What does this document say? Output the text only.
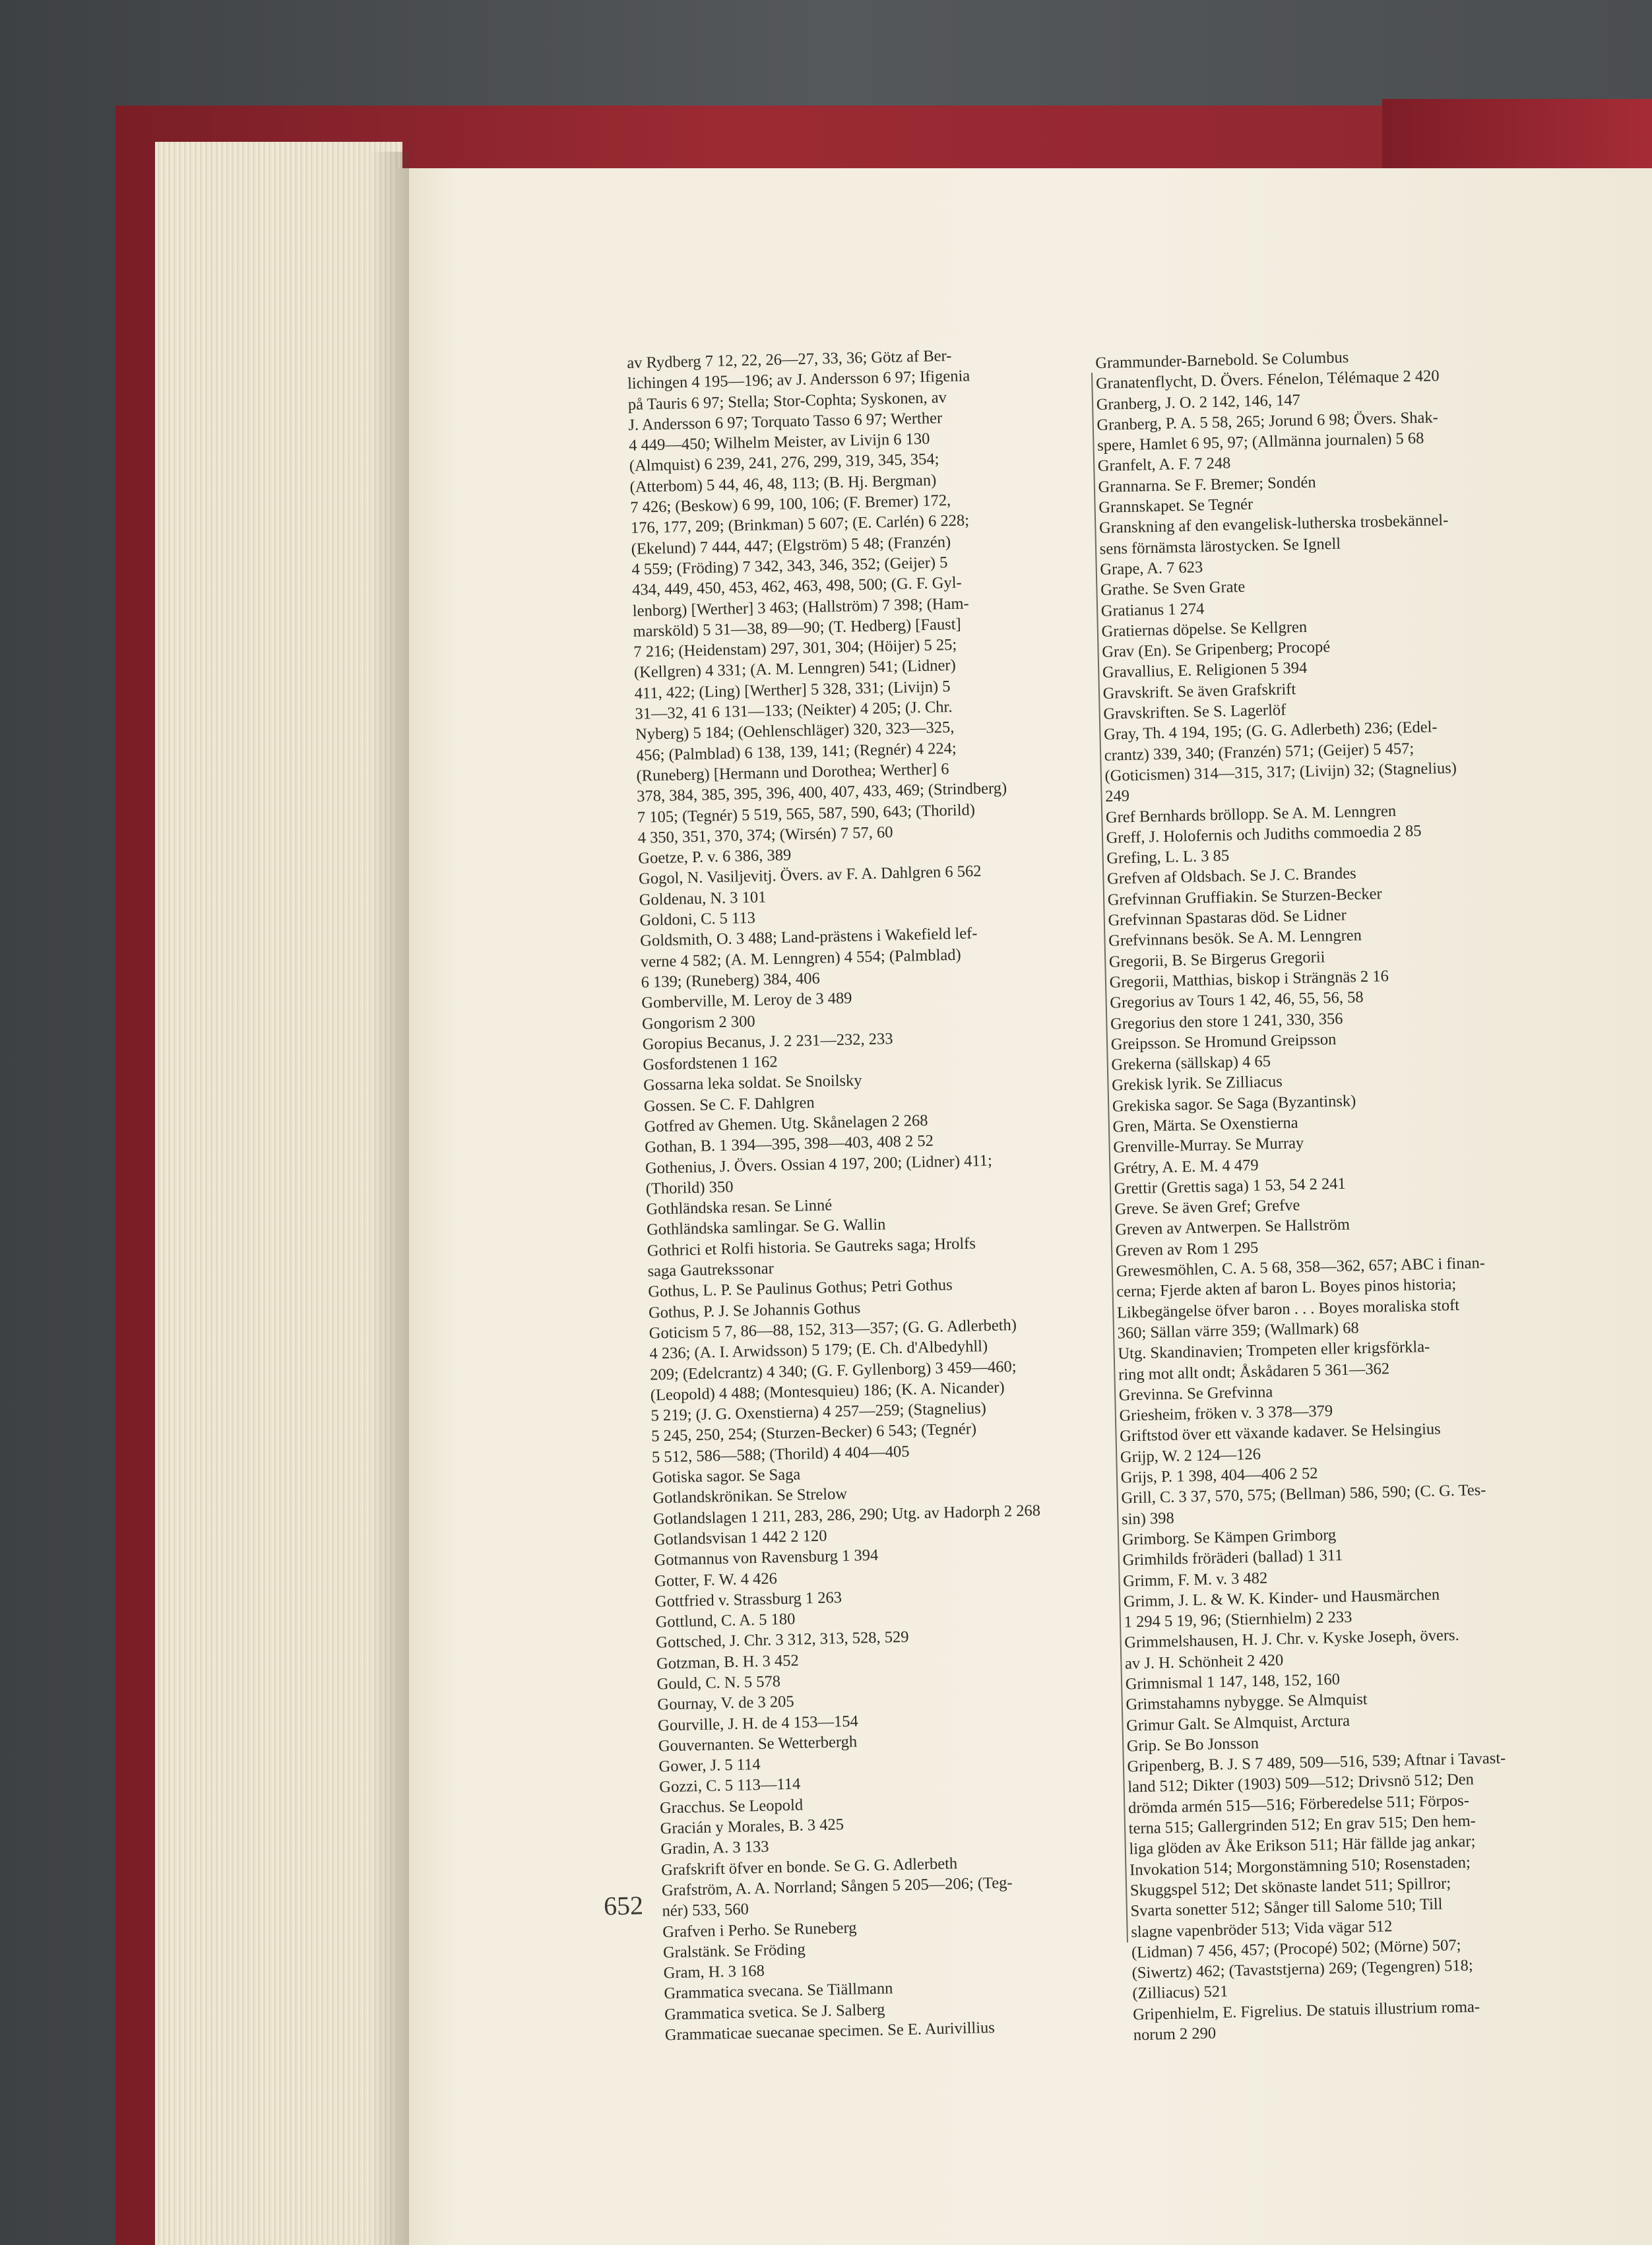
av Rydberg 7 12, 22, 26—27, 33, 36; Götz af Ber-
lichingen 4 195—196; av J. Andersson 6 97; Ifigenia
på Tauris 6 97; Stella; Stor-Cophta; Syskonen, av
J. Andersson 6 97; Torquato Tasso 6 97; Werther
4 449—450; Wilhelm Meister, av Livijn 6 130
(Almquist) 6 239, 241, 276, 299, 319, 345, 354;
(Atterbom) 5 44, 46, 48, 113; (B. Hj. Bergman)
7 426; (Beskow) 6 99, 100, 106; (F. Bremer) 172,
176, 177, 209; (Brinkman) 5 607; (E. Carlén) 6 228;
(Ekelund) 7 444, 447; (Elgström) 5 48; (Franzén)
4 559; (Fröding) 7 342, 343, 346, 352; (Geijer) 5
434, 449, 450, 453, 462, 463, 498, 500; (G. F. Gyl-
lenborg) [Werther] 3 463; (Hallström) 7 398; (Ham-
marsköld) 5 31—38, 89—90; (T. Hedberg) [Faust]
7 216; (Heidenstam) 297, 301, 304; (Höijer) 5 25;
(Kellgren) 4 331; (A. M. Lenngren) 541; (Lidner)
411, 422; (Ling) [Werther] 5 328, 331; (Livijn) 5
31—32, 41 6 131—133; (Neikter) 4 205; (J. Chr.
Nyberg) 5 184; (Oehlenschläger) 320, 323—325,
456; (Palmblad) 6 138, 139, 141; (Regnér) 4 224;
(Runeberg) [Hermann und Dorothea; Werther] 6
378, 384, 385, 395, 396, 400, 407, 433, 469; (Strindberg)
7 105; (Tegnér) 5 519, 565, 587, 590, 643; (Thorild)
4 350, 351, 370, 374; (Wirsén) 7 57, 60
Goetze, P. v. 6 386, 389
Gogol, N. Vasiljevitj. Övers. av F. A. Dahlgren 6 562
Goldenau, N. 3 101
Goldoni, C. 5 113
Goldsmith, O. 3 488; Land-prästens i Wakefield lef-
verne 4 582; (A. M. Lenngren) 4 554; (Palmblad)
6 139; (Runeberg) 384, 406
Gomberville, M. Leroy de 3 489
Gongorism 2 300
Goropius Becanus, J. 2 231—232, 233
Gosfordstenen 1 162
Gossarna leka soldat. Se Snoilsky
Gossen. Se C. F. Dahlgren
Gotfred av Ghemen. Utg. Skånelagen 2 268
Gothan, B. 1 394—395, 398—403, 408 2 52
Gothenius, J. Övers. Ossian 4 197, 200; (Lidner) 411;
(Thorild) 350
Gothländska resan. Se Linné
Gothländska samlingar. Se G. Wallin
Gothrici et Rolfi historia. Se Gautreks saga; Hrolfs
saga Gautrekssonar
Gothus, L. P. Se Paulinus Gothus; Petri Gothus
Gothus, P. J. Se Johannis Gothus
Goticism 5 7, 86—88, 152, 313—357; (G. G. Adlerbeth)
4 236; (A. I. Arwidsson) 5 179; (E. Ch. d'Albedyhll)
209; (Edelcrantz) 4 340; (G. F. Gyllenborg) 3 459—460;
(Leopold) 4 488; (Montesquieu) 186; (K. A. Nicander)
5 219; (J. G. Oxenstierna) 4 257—259; (Stagnelius)
5 245, 250, 254; (Sturzen-Becker) 6 543; (Tegnér)
5 512, 586—588; (Thorild) 4 404—405
Gotiska sagor. Se Saga
Gotlandskrönikan. Se Strelow
Gotlandslagen 1 211, 283, 286, 290; Utg. av Hadorph 2 268
Gotlandsvisan 1 442 2 120
Gotmannus von Ravensburg 1 394
Gotter, F. W. 4 426
Gottfried v. Strassburg 1 263
Gottlund, C. A. 5 180
Gottsched, J. Chr. 3 312, 313, 528, 529
Gotzman, B. H. 3 452
Gould, C. N. 5 578
Gournay, V. de 3 205
Gourville, J. H. de 4 153—154
Gouvernanten. Se Wetterbergh
Gower, J. 5 114
Gozzi, C. 5 113—114
Gracchus. Se Leopold
Gracián y Morales, B. 3 425
Gradin, A. 3 133
Grafskrift öfver en bonde. Se G. G. Adlerbeth
Grafström, A. A. Norrland; Sången 5 205—206; (Teg-
nér) 533, 560
Grafven i Perho. Se Runeberg
Gralstänk. Se Fröding
Gram, H. 3 168
Grammatica svecana. Se Tiällmann
Grammatica svetica. Se J. Salberg
Grammaticae suecanae specimen. Se E. Aurivillius
Grammunder-Barnebold. Se Columbus
Granatenflycht, D. Övers. Fénelon, Télémaque 2 420
Granberg, J. O. 2 142, 146, 147
Granberg, P. A. 5 58, 265; Jorund 6 98; Övers. Shak-
spere, Hamlet 6 95, 97; (Allmänna journalen) 5 68
Granfelt, A. F. 7 248
Grannarna. Se F. Bremer; Sondén
Grannskapet. Se Tegnér
Granskning af den evangelisk-lutherska trosbekännel-
sens förnämsta lärostycken. Se Ignell
Grape, A. 7 623
Grathe. Se Sven Grate
Gratianus 1 274
Gratiernas döpelse. Se Kellgren
Grav (En). Se Gripenberg; Procopé
Gravallius, E. Religionen 5 394
Gravskrift. Se även Grafskrift
Gravskriften. Se S. Lagerlöf
Gray, Th. 4 194, 195; (G. G. Adlerbeth) 236; (Edel-
crantz) 339, 340; (Franzén) 571; (Geijer) 5 457;
(Goticismen) 314—315, 317; (Livijn) 32; (Stagnelius)
249
Gref Bernhards bröllopp. Se A. M. Lenngren
Greff, J. Holofernis och Judiths commoedia 2 85
Grefing, L. L. 3 85
Grefven af Oldsbach. Se J. C. Brandes
Grefvinnan Gruffiakin. Se Sturzen-Becker
Grefvinnan Spastaras död. Se Lidner
Grefvinnans besök. Se A. M. Lenngren
Gregorii, B. Se Birgerus Gregorii
Gregorii, Matthias, biskop i Strängnäs 2 16
Gregorius av Tours 1 42, 46, 55, 56, 58
Gregorius den store 1 241, 330, 356
Greipsson. Se Hromund Greipsson
Grekerna (sällskap) 4 65
Grekisk lyrik. Se Zilliacus
Grekiska sagor. Se Saga (Byzantinsk)
Gren, Märta. Se Oxenstierna
Grenville-Murray. Se Murray
Grétry, A. E. M. 4 479
Grettir (Grettis saga) 1 53, 54 2 241
Greve. Se även Gref; Grefve
Greven av Antwerpen. Se Hallström
Greven av Rom 1 295
Grewesmöhlen, C. A. 5 68, 358—362, 657; ABC i finan-
cerna; Fjerde akten af baron L. Boyes pinos historia;
Likbegängelse öfver baron . . . Boyes moraliska stoft
360; Sällan värre 359; (Wallmark) 68
Utg. Skandinavien; Trompeten eller krigsförkla-
ring mot allt ondt; Åskådaren 5 361—362
Grevinna. Se Grefvinna
Griesheim, fröken v. 3 378—379
Griftstod över ett växande kadaver. Se Helsingius
Grijp, W. 2 124—126
Grijs, P. 1 398, 404—406 2 52
Grill, C. 3 37, 570, 575; (Bellman) 586, 590; (C. G. Tes-
sin) 398
Grimborg. Se Kämpen Grimborg
Grimhilds fröräderi (ballad) 1 311
Grimm, F. M. v. 3 482
Grimm, J. L. & W. K. Kinder- und Hausmärchen
1 294 5 19, 96; (Stiernhielm) 2 233
Grimmelshausen, H. J. Chr. v. Kyske Joseph, övers.
av J. H. Schönheit 2 420
Grimnismal 1 147, 148, 152, 160
Grimstahamns nybygge. Se Almquist
Grimur Galt. Se Almquist, Arctura
Grip. Se Bo Jonsson
Gripenberg, B. J. S 7 489, 509—516, 539; Aftnar i Tavast-
land 512; Dikter (1903) 509—512; Drivsnö 512; Den
drömda armén 515—516; Förberedelse 511; Förpos-
terna 515; Gallergrinden 512; En grav 515; Den hem-
liga glöden av Åke Erikson 511; Här fällde jag ankar;
Invokation 514; Morgonstämning 510; Rosenstaden;
Skuggspel 512; Det skönaste landet 511; Spillror;
Svarta sonetter 512; Sånger till Salome 510; Till
slagne vapenbröder 513; Vida vägar 512
(Lidman) 7 456, 457; (Procopé) 502; (Mörne) 507;
(Siwertz) 462; (Tavaststjerna) 269; (Tegengren) 518;
(Zilliacus) 521
Gripenhielm, E. Figrelius. De statuis illustrium roma-
norum 2 290
652
